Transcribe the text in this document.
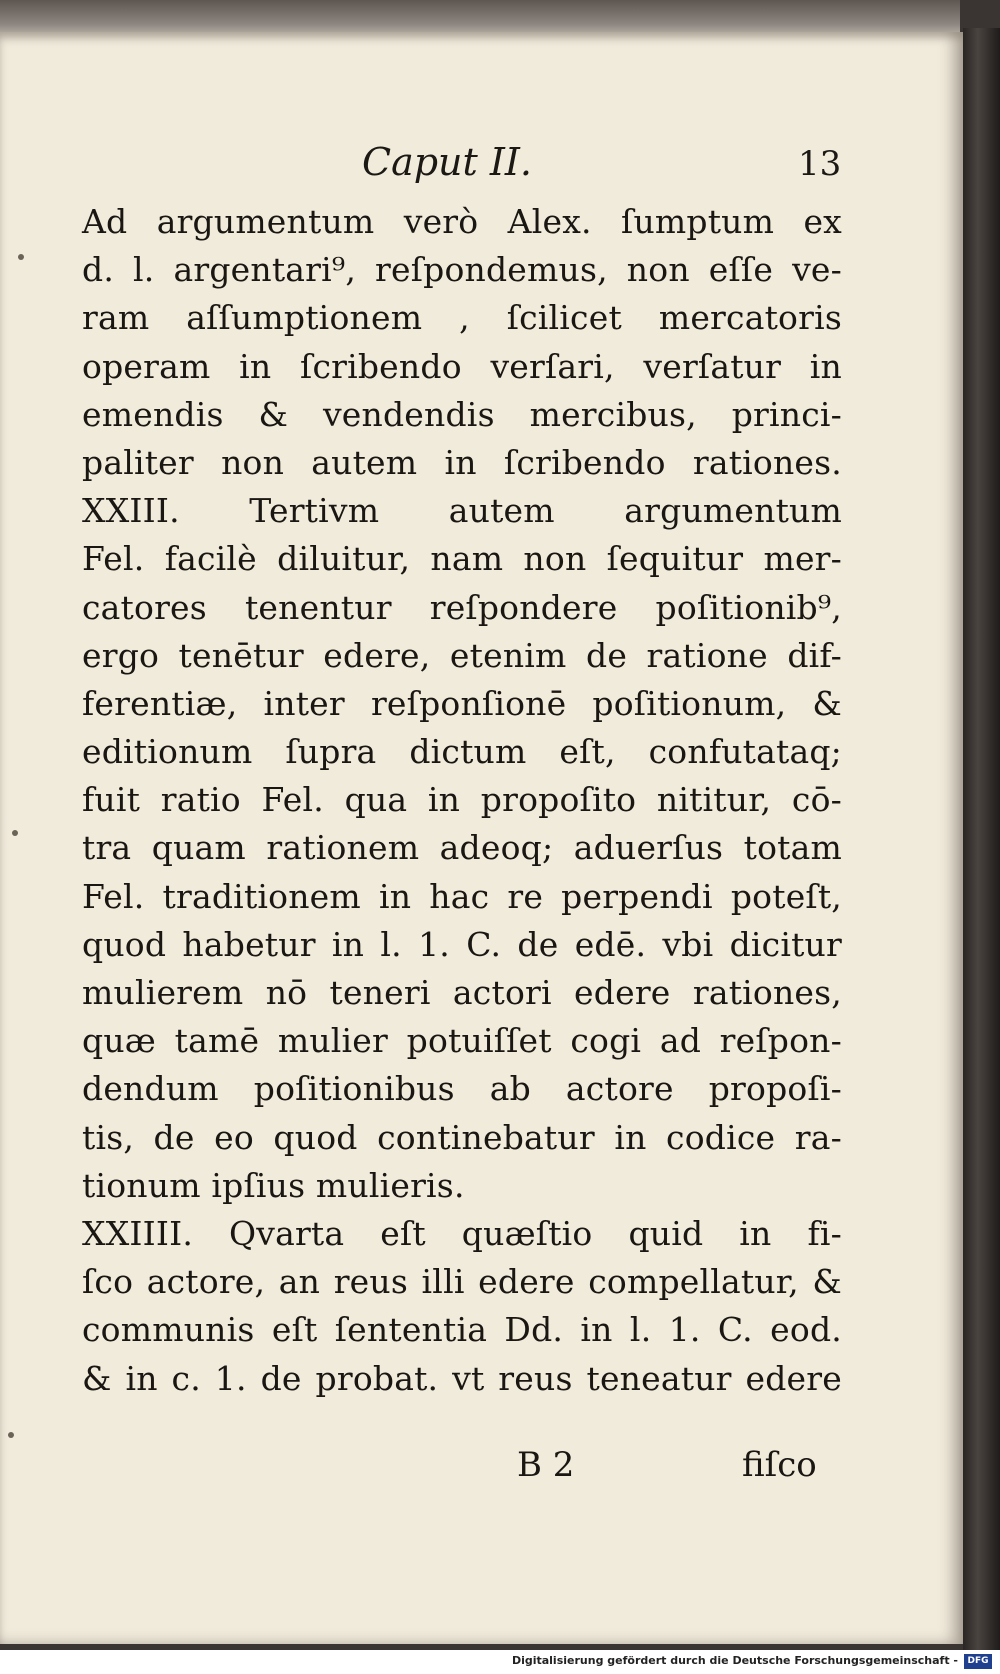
Caput II.	13
Ad argumentum verò Alex. ſumptum ex
d. l. argentari⁹, reſpondemus, non eſſe ve-
ram aſſumptionem , ſcilicet mercatoris
operam in ſcribendo verſari, verſatur in
emendis & vendendis mercibus, princi-
paliter non autem in ſcribendo rationes.
XXIII. Tertivm autem argumentum
Fel. facilè diluitur, nam non ſequitur mer-
catores tenentur reſpondere poſitionib⁹,
ergo tenētur edere, etenim de ratione dif-
ferentiæ, inter reſponſionē poſitionum, &
editionum ſupra dictum eſt, confutataq;
fuit ratio Fel. qua in propoſito nititur, cō-
tra quam rationem adeoq; aduerſus totam
Fel. traditionem in hac re perpendi poteſt,
quod habetur in l. 1. C. de edē. vbi dicitur
mulierem nō teneri actori edere rationes,
quæ tamē mulier potuiſſet cogi ad reſpon-
dendum poſitionibus ab actore propoſi-
tis, de eo quod continebatur in codice ra-
tionum ipſius mulieris.
XXIIII. Qvarta eſt quæſtio quid in fi-
ſco actore, an reus illi edere compellatur, &
communis eſt ſententia Dd. in l. 1. C. eod.
& in c. 1. de probat. vt reus teneatur edere
B 2	fiſco
Digitalisierung gefördert durch die Deutsche Forschungsgemeinschaft -	DFG
